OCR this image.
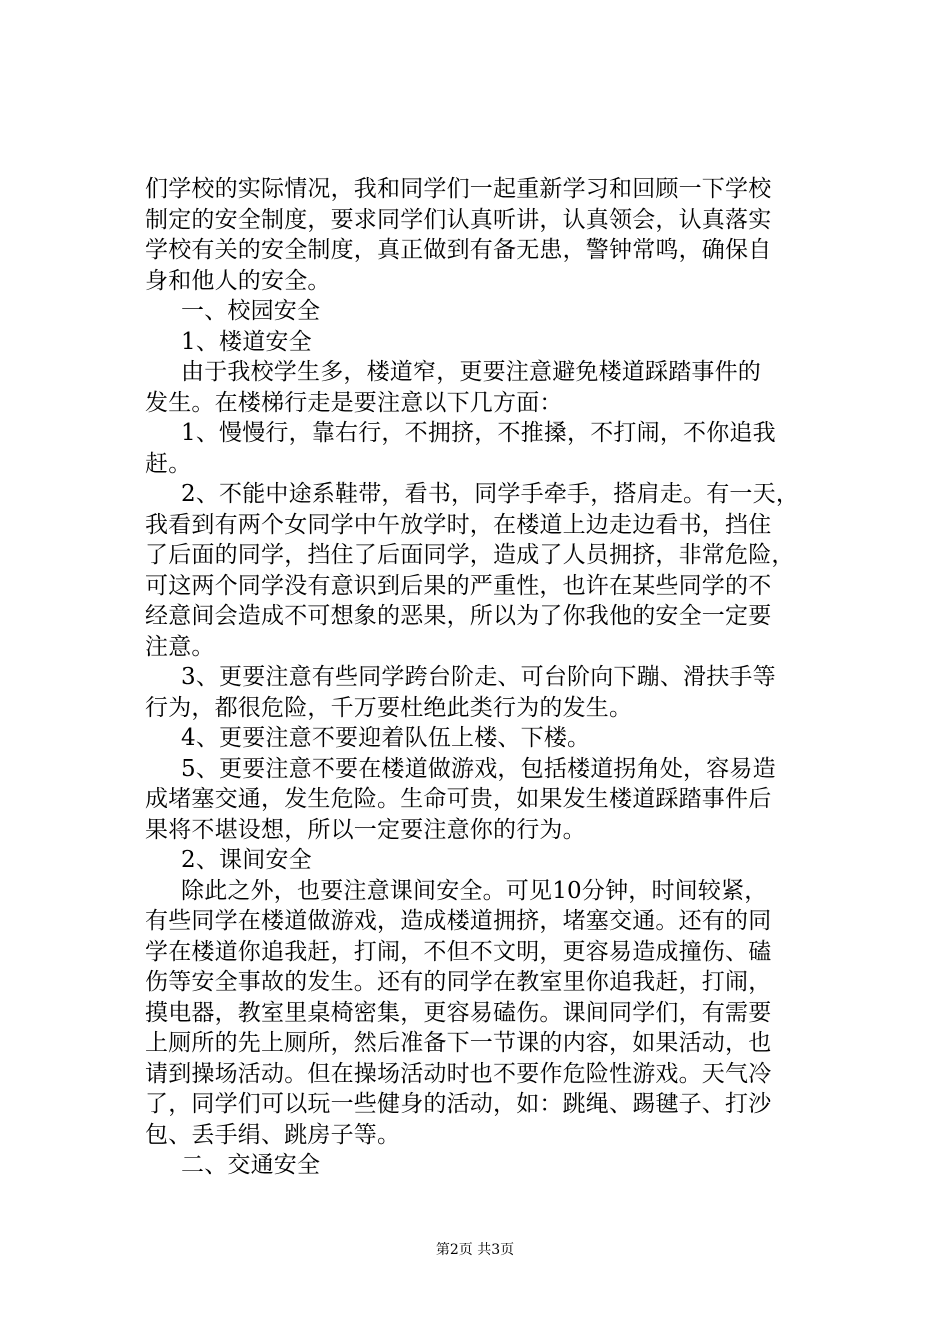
们学校的实际情况，我和同学们一起重新学习和回顾一下学校
制定的安全制度，要求同学们认真听讲，认真领会，认真落实
学校有关的安全制度，真正做到有备无患，警钟常鸣，确保自
身和他人的安全。
一、校园安全
1、楼道安全
由于我校学生多，楼道窄，更要注意避免楼道踩踏事件的
发生。在楼梯行走是要注意以下几方面：
1、慢慢行，靠右行，不拥挤，不推搡，不打闹，不你追我
赶。
2、不能中途系鞋带，看书，同学手牵手，搭肩走。有一天，
我看到有两个女同学中午放学时，在楼道上边走边看书，挡住
了后面的同学，挡住了后面同学，造成了人员拥挤，非常危险，
可这两个同学没有意识到后果的严重性，也许在某些同学的不
经意间会造成不可想象的恶果，所以为了你我他的安全一定要
注意。
3、更要注意有些同学跨台阶走、可台阶向下蹦、滑扶手等
行为，都很危险，千万要杜绝此类行为的发生。
4、更要注意不要迎着队伍上楼、下楼。
5、更要注意不要在楼道做游戏，包括楼道拐角处，容易造
成堵塞交通，发生危险。生命可贵，如果发生楼道踩踏事件后
果将不堪设想，所以一定要注意你的行为。
2、课间安全
除此之外，也要注意课间安全。可见10分钟，时间较紧，
有些同学在楼道做游戏，造成楼道拥挤，堵塞交通。还有的同
学在楼道你追我赶，打闹，不但不文明，更容易造成撞伤、磕
伤等安全事故的发生。还有的同学在教室里你追我赶，打闹，
摸电器，教室里桌椅密集，更容易磕伤。课间同学们，有需要
上厕所的先上厕所，然后准备下一节课的内容，如果活动，也
请到操场活动。但在操场活动时也不要作危险性游戏。天气冷
了，同学们可以玩一些健身的活动，如：跳绳、踢毽子、打沙
包、丢手绢、跳房子等。
二、交通安全
第2页 共3页
